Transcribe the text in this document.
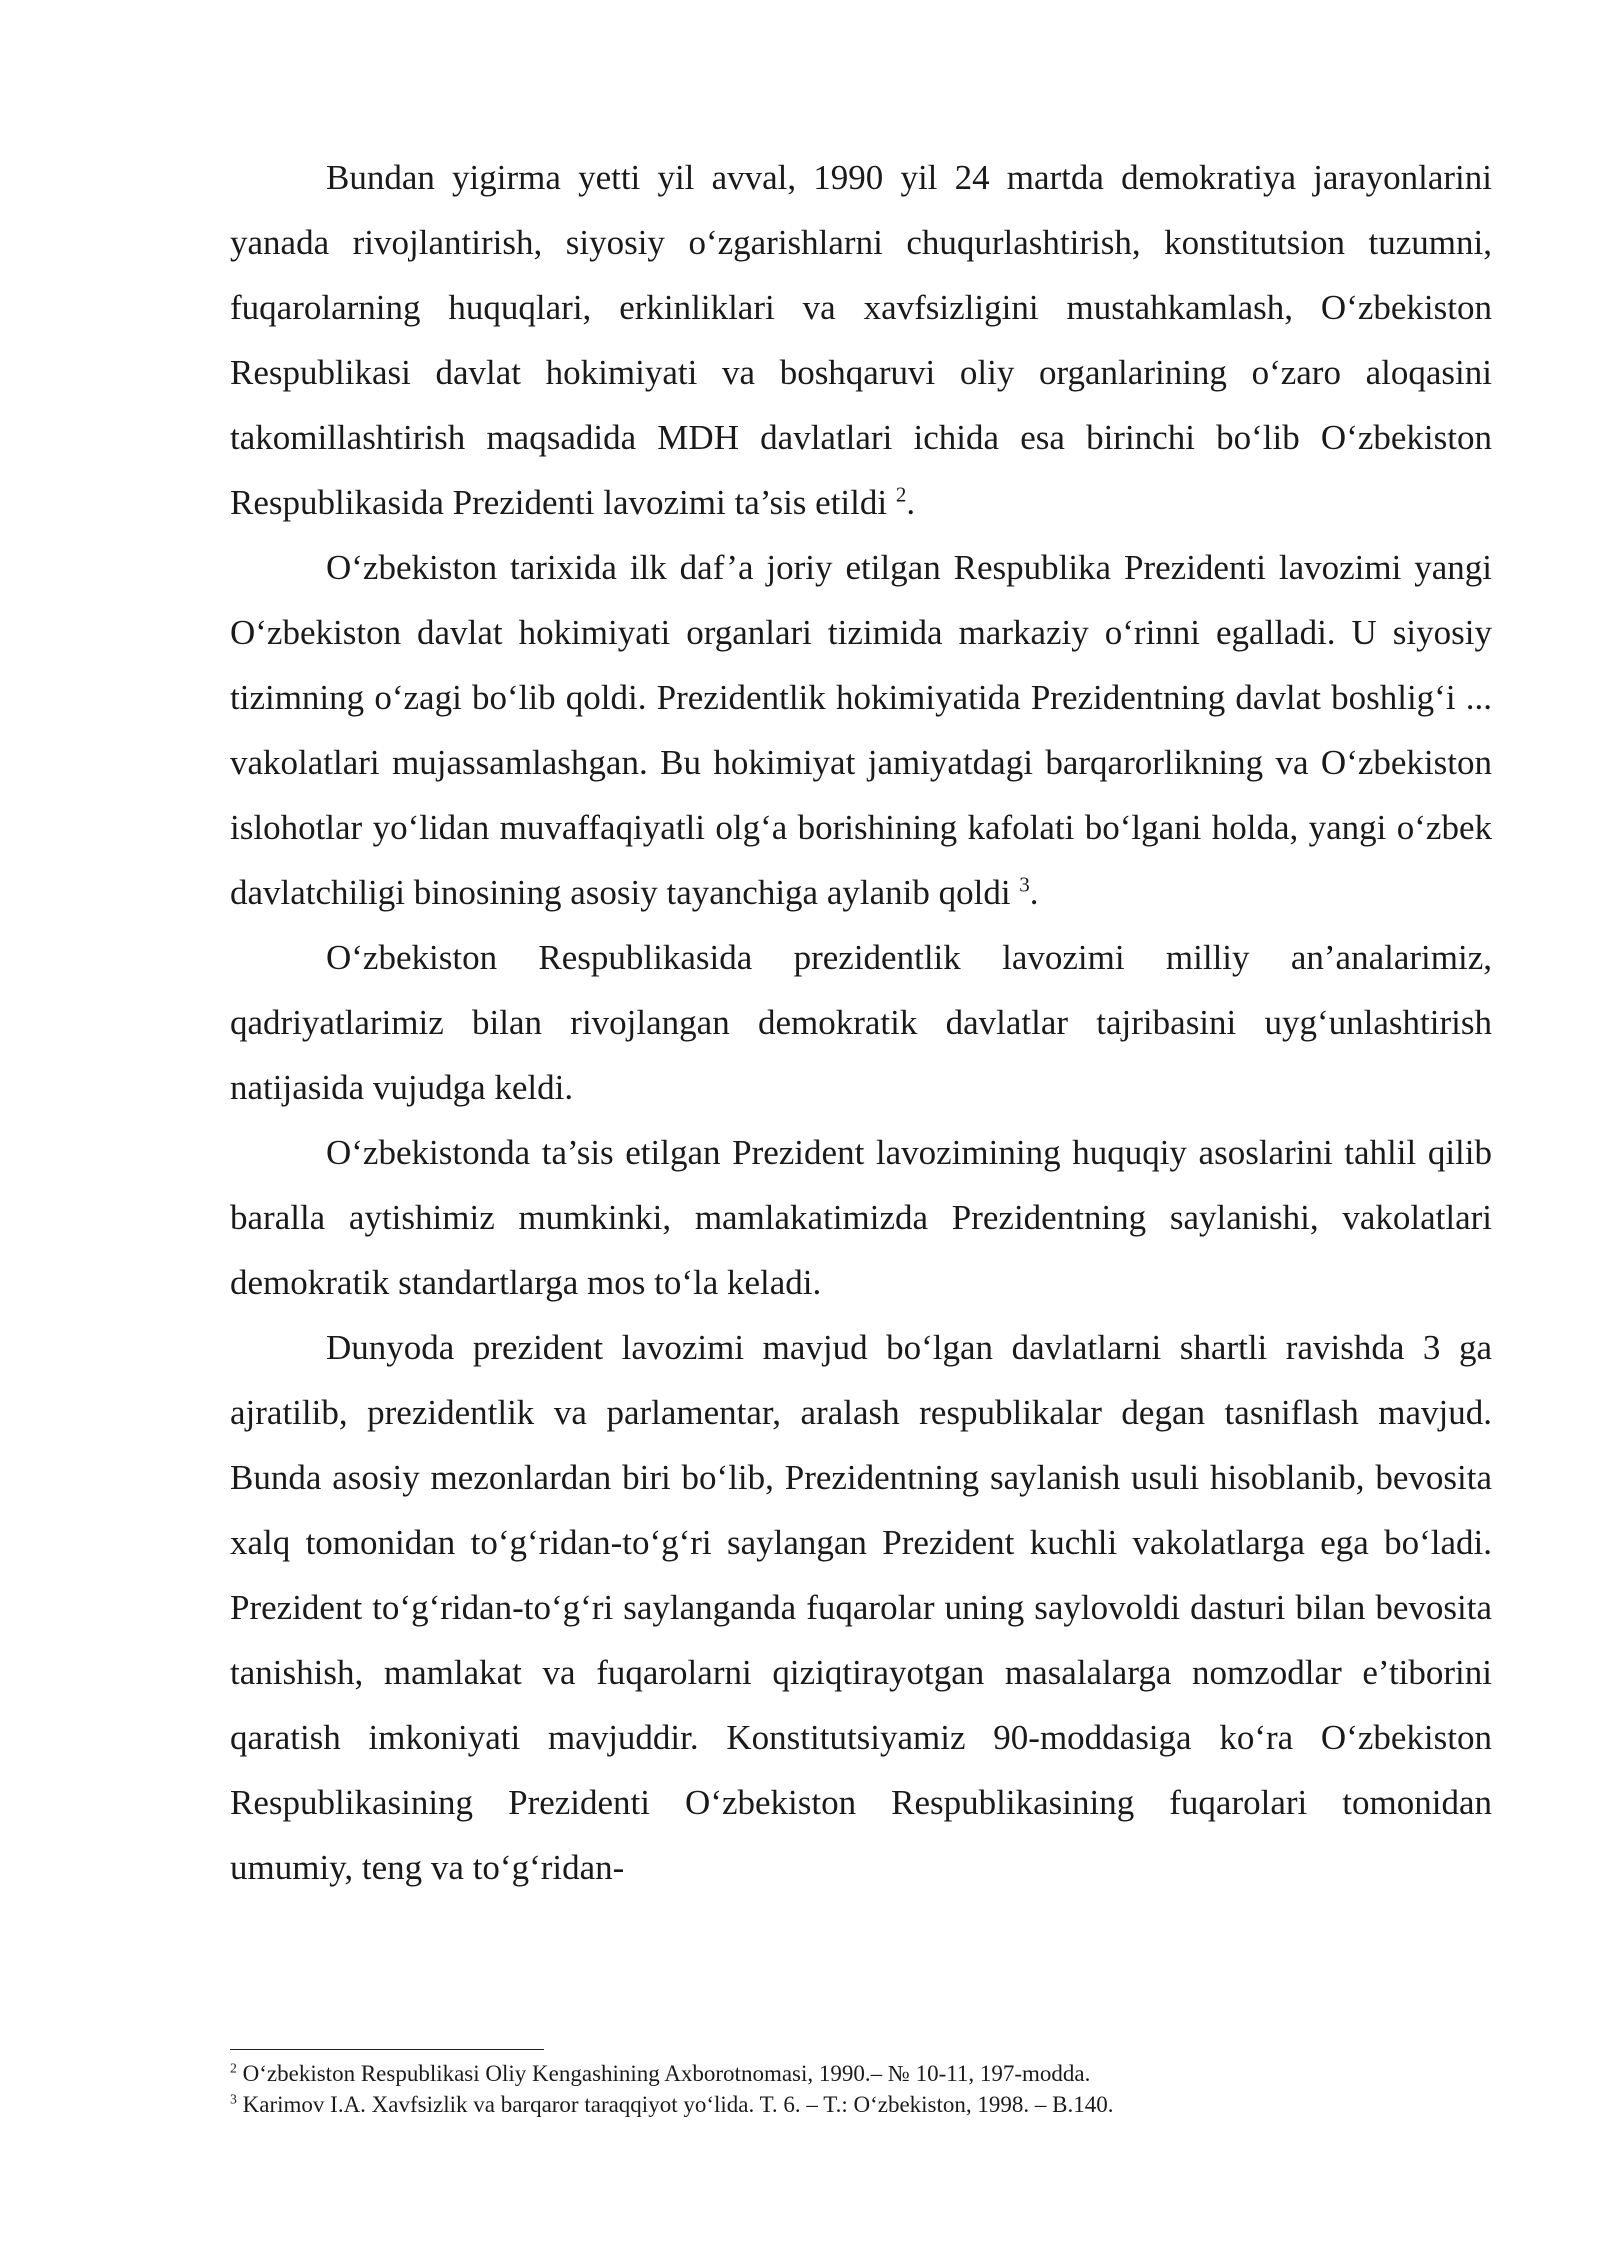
Bundan yigirma yetti yil avval, 1990 yil 24 martda demokratiya jarayonlarini yanada rivojlantirish, siyosiy o‘zgarishlarni chuqurlashtirish, konstitutsion tuzumni, fuqarolarning huquqlari, erkinliklari va xavfsizligini mustahkamlash, O‘zbekiston Respublikasi davlat hokimiyati va boshqaruvi oliy organlarining o‘zaro aloqasini takomillashtirish maqsadida MDH davlatlari ichida esa birinchi bo‘lib O‘zbekiston Respublikasida Prezidenti lavozimi ta’sis etildi $^2$.

O‘zbekiston tarixida ilk daf’a joriy etilgan Respublika Prezidenti lavozimi yangi O‘zbekiston davlat hokimiyati organlari tizimida markaziy o‘rinni egalladi. U siyosiy tizimning o‘zagi bo‘lib qoldi. Prezidentlik hokimiyatida Prezidentning davlat boshlig‘i ... vakolatlari mujassamlashgan. Bu hokimiyat jamiyatdagi barqarorlikning va O‘zbekiston islohotlar yo‘lidan muvaffaqiyatli olg‘a borishining kafolati bo‘lgani holda, yangi o‘zbek davlatchiligi binosining asosiy tayanchiga aylanib qoldi $^3$.

O‘zbekiston Respublikasida prezidentlik lavozimi milliy an’analarimiz, qadriyatlarimiz bilan rivojlangan demokratik davlatlar tajribasini uyg‘unlashtirish natijasida vujudga keldi.

O‘zbekistonda ta’sis etilgan Prezident lavozimining huquqiy asoslarini tahlil qilib baralla aytishimiz mumkinki, mamlakatimizda Prezidentning saylanishi, vakolatlari demokratik standartlarga mos to‘la keladi.

Dunyoda prezident lavozimi mavjud bo‘lgan davlatlarni shartli ravishda 3 ga ajratilib, prezidentlik va parlamentar, aralash respublikalar degan tasniflash mavjud. Bunda asosiy mezonlardan biri bo‘lib, Prezidentning saylanish usuli hisoblanib, bevosita xalq tomonidan to‘g‘ridan-to‘g‘ri saylangan Prezident kuchli vakolatlarga ega bo‘ladi. Prezident to‘g‘ridan-to‘g‘ri saylanganda fuqarolar uning saylovoldi dasturi bilan bevosita tanishish, mamlakat va fuqarolarni qiziqtirayotgan masalalarga nomzodlar e’tiborini qaratish imkoniyati mavjuddir. Konstitutsiyamiz 90-moddasiga ko‘ra O‘zbekiston Respublikasining Prezidenti O‘zbekiston Respublikasining fuqarolari tomonidan umumiy, teng va to‘g‘ridan-

$^2$ O‘zbekiston Respublikasi Oliy Kengashining Axborotnomasi, 1990.– № 10-11, 197-modda.

$^3$ Karimov I.A. Xavfsizlik va barqaror taraqqiyot yo‘lida. T. 6. – T.: O‘zbekiston, 1998. – B.140.
